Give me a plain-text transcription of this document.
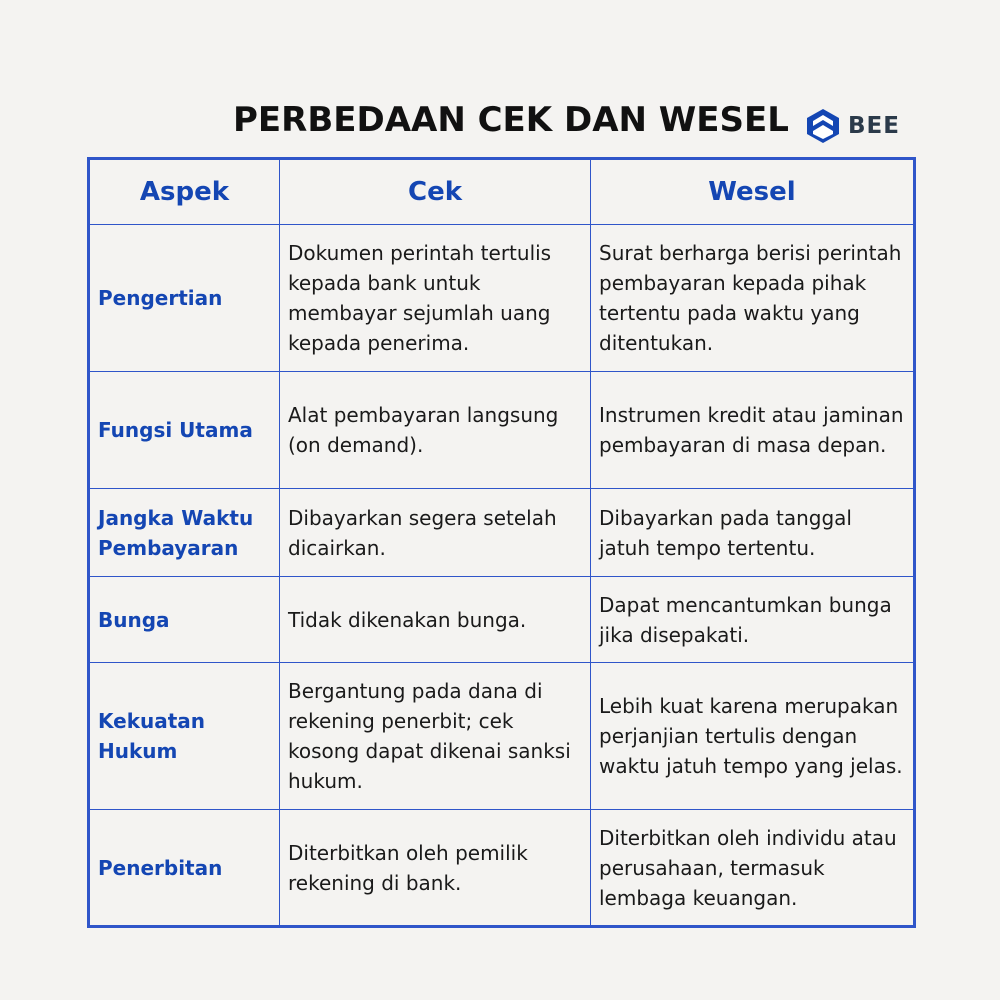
PERBEDAAN CEK DAN WESEL	BEE
Aspek	Cek	Wesel
Pengertian	Dokumen perintah tertulis kepada bank untuk membayar sejumlah uang kepada penerima.	Surat berharga berisi perintah pembayaran kepada pihak tertentu pada waktu yang ditentukan.
Fungsi Utama	Alat pembayaran langsung (on demand).	Instrumen kredit atau jaminan pembayaran di masa depan.
Jangka Waktu Pembayaran	Dibayarkan segera setelah dicairkan.	Dibayarkan pada tanggal jatuh tempo tertentu.
Bunga	Tidak dikenakan bunga.	Dapat mencantumkan bunga jika disepakati.
Kekuatan Hukum	Bergantung pada dana di rekening penerbit; cek kosong dapat dikenai sanksi hukum.	Lebih kuat karena merupakan perjanjian tertulis dengan waktu jatuh tempo yang jelas.
Penerbitan	Diterbitkan oleh pemilik rekening di bank.	Diterbitkan oleh individu atau perusahaan, termasuk lembaga keuangan.
